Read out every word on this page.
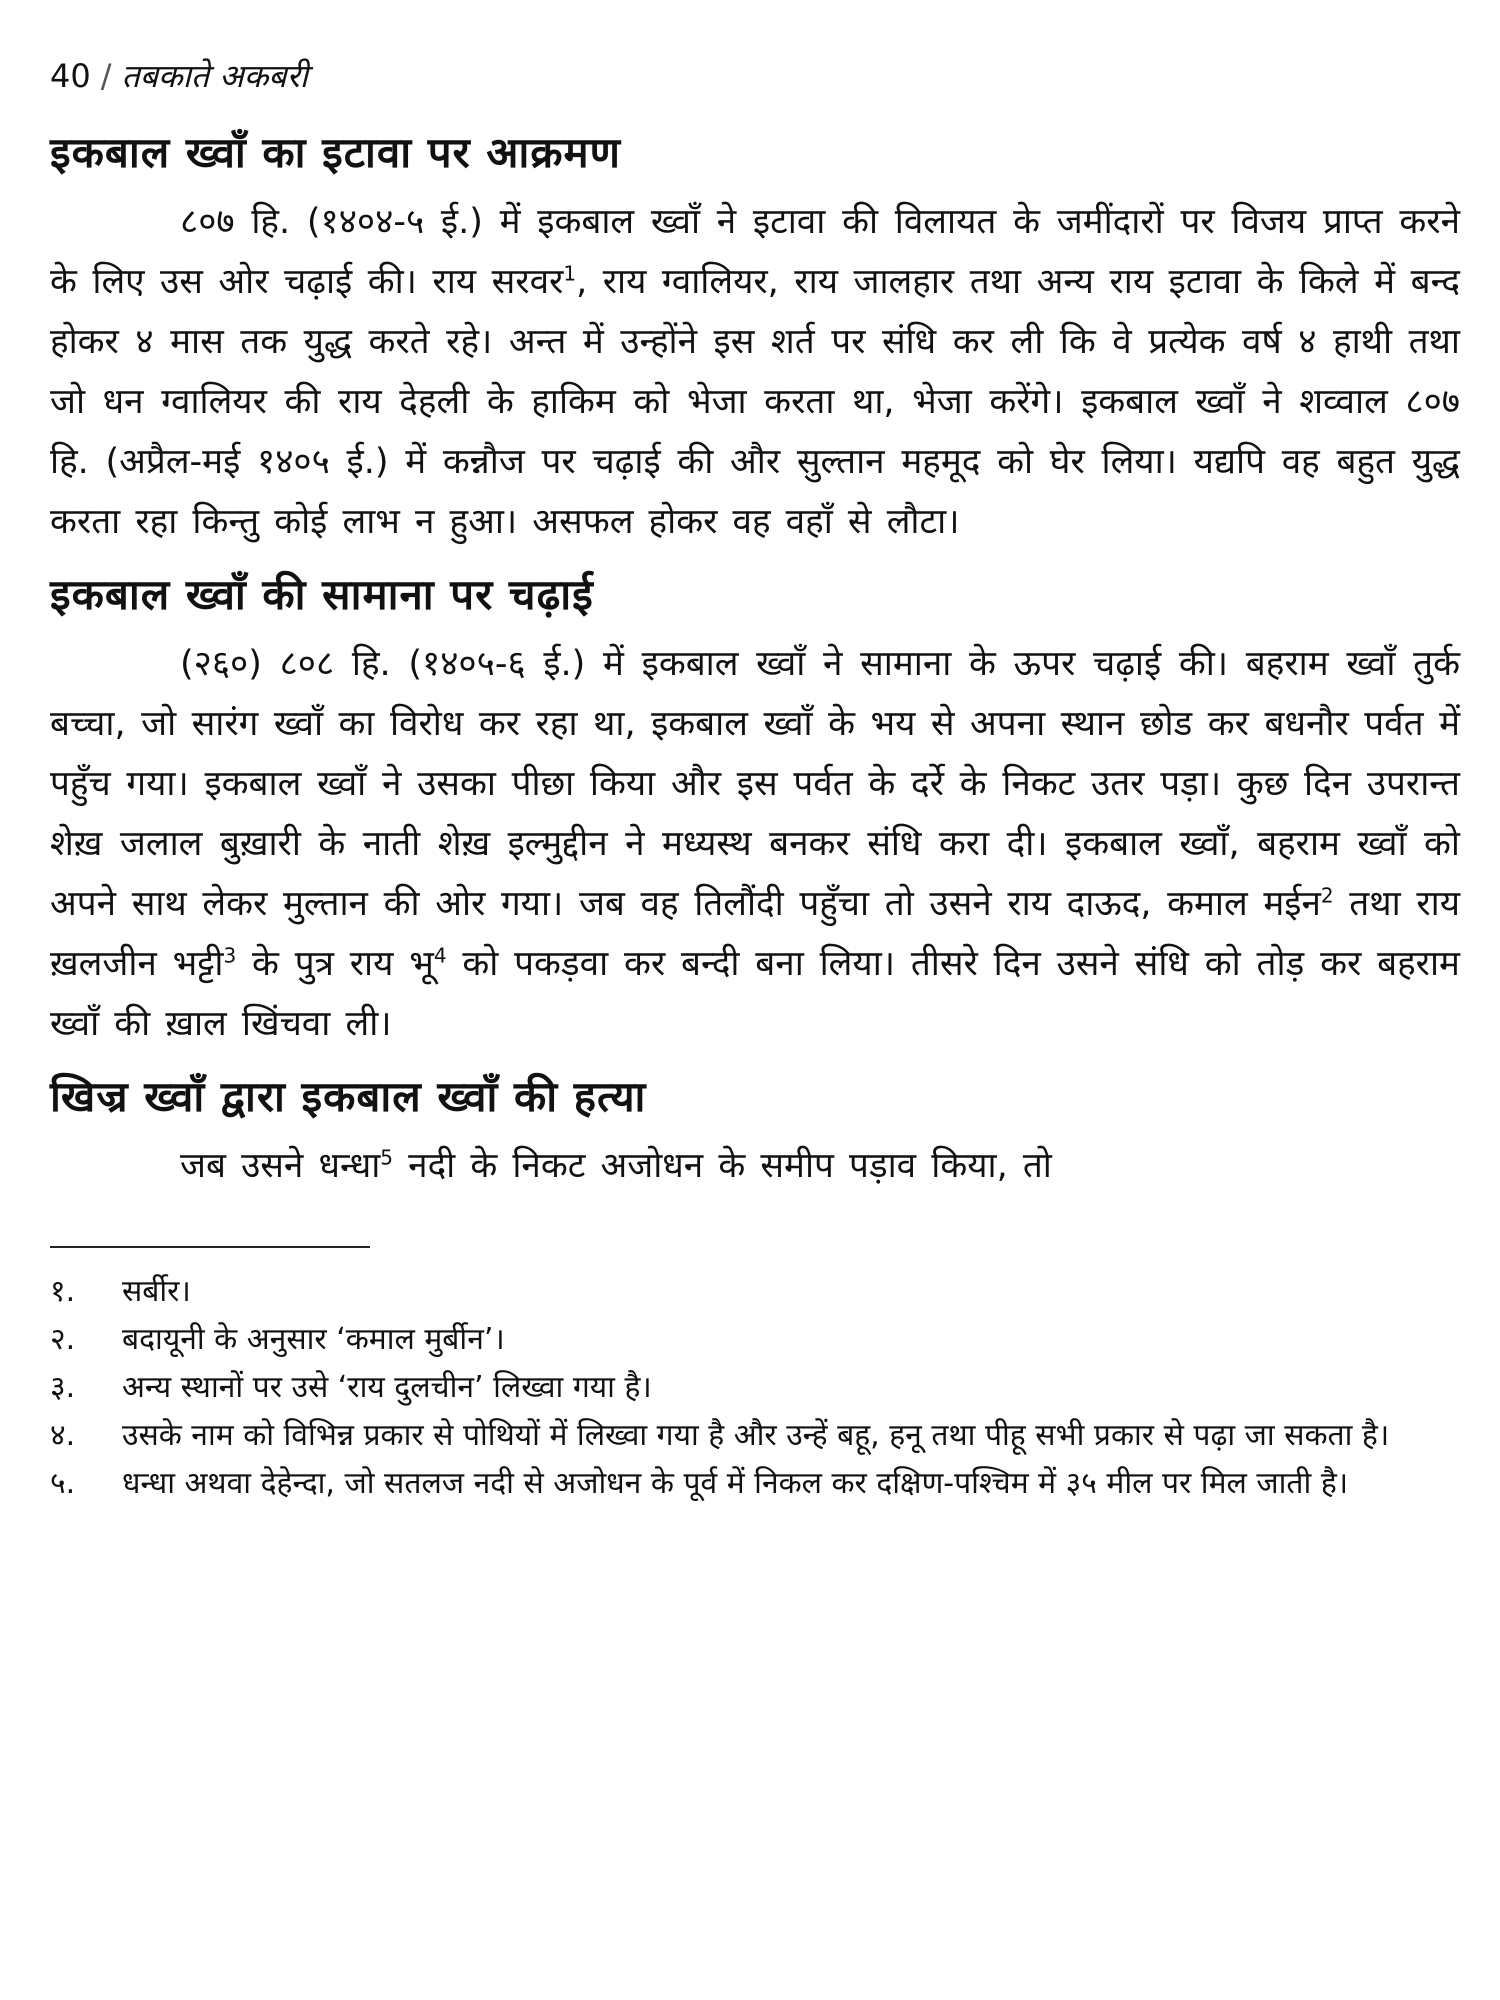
40 / तबकाते अकबरी
इकबाल ख्वाँ का इटावा पर आक्रमण

८०७ हि. (१४०४-५ ई.) में इकबाल ख्वाँ ने इटावा की विलायत के जमींदारों पर विजय प्राप्त करने के लिए उस ओर चढ़ाई की। राय सरवर$^1$, राय ग्वालियर, राय जालहार तथा अन्य राय इटावा के किले में बन्द होकर ४ मास तक युद्ध करते रहे। अन्त में उन्होंने इस शर्त पर संधि कर ली कि वे प्रत्येक वर्ष ४ हाथी तथा जो धन ग्वालियर की राय देहली के हाकिम को भेजा करता था, भेजा करेंगे। इकबाल ख्वाँ ने शव्वाल ८०७ हि. (अप्रैल-मई १४०५ ई.) में कन्नौज पर चढ़ाई की और सुल्तान महमूद को घेर लिया। यद्यपि वह बहुत युद्ध करता रहा किन्तु कोई लाभ न हुआ। असफल होकर वह वहाँ से लौटा।

इकबाल ख्वाँ की सामाना पर चढ़ाई

(२६०) ८०८ हि. (१४०५-६ ई.) में इकबाल ख्वाँ ने सामाना के ऊपर चढ़ाई की। बहराम ख्वाँ तुर्क बच्चा, जो सारंग ख्वाँ का विरोध कर रहा था, इकबाल ख्वाँ के भय से अपना स्थान छोड कर बधनौर पर्वत में पहुँच गया। इकबाल ख्वाँ ने उसका पीछा किया और इस पर्वत के दर्रे के निकट उतर पड़ा। कुछ दिन उपरान्त शेख़ जलाल बुख़ारी के नाती शेख़ इल्मुद्दीन ने मध्यस्थ बनकर संधि करा दी। इकबाल ख्वाँ, बहराम ख्वाँ को अपने साथ लेकर मुल्तान की ओर गया। जब वह तिलौंदी पहुँचा तो उसने राय दाऊद, कमाल मईन$^2$ तथा राय ख़लजीन भट्टी$^3$ के पुत्र राय भू$^4$ को पकड़वा कर बन्दी बना लिया। तीसरे दिन उसने संधि को तोड़ कर बहराम ख्वाँ की ख़ाल खिंचवा ली।

खिज्र ख्वाँ द्वारा इकबाल ख्वाँ की हत्या

जब उसने धन्धा$^5$ नदी के निकट अजोधन के समीप पड़ाव किया, तो

१.	सर्बीर।
२.	बदायूनी के अनुसार ‘कमाल मुर्बीन’।
३.	अन्य स्थानों पर उसे ‘राय दुलचीन’ लिख्वा गया है।
४.	उसके नाम को विभिन्न प्रकार से पोथियों में लिख्वा गया है और उन्हें बहू, हनू तथा पीहू सभी प्रकार से पढ़ा जा सकता है।
५.	धन्धा अथवा देहेन्दा, जो सतलज नदी से अजोधन के पूर्व में निकल कर दक्षिण-पश्चिम में ३५ मील पर मिल जाती है।
